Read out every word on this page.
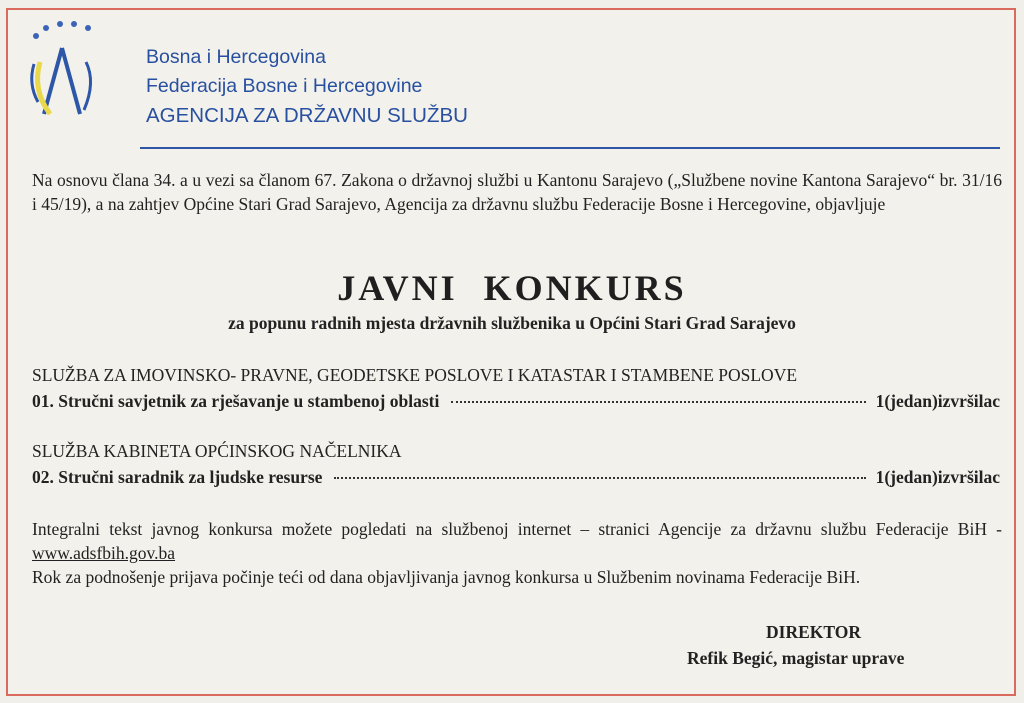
Bosna i Hercegovina
Federacija Bosne i Hercegovine
AGENCIJA ZA DRŽAVNU SLUŽBU
Na osnovu člana 34. a u vezi sa članom 67. Zakona o državnoj službi u Kantonu Sarajevo („Službene novine Kantona Sarajevo“ br. 31/16 i 45/19), a na zahtjev Općine Stari Grad Sarajevo, Agencija za državnu službu Federacije Bosne i Hercegovine, objavljuje
JAVNI KONKURS
za popunu radnih mjesta državnih službenika u Općini Stari Grad Sarajevo
SLUŽBA ZA IMOVINSKO- PRAVNE, GEODETSKE POSLOVE I KATASTAR I STAMBENE POSLOVE
01. Stručni savjetnik za rješavanje u stambenoj oblasti	1(jedan)izvršilac
SLUŽBA KABINETA OPĆINSKOG NAČELNIKA
02. Stručni saradnik za ljudske resurse	1(jedan)izvršilac
Integralni tekst javnog konkursa možete pogledati na službenoj internet – stranici Agencije za državnu službu Federacije BiH - www.adsfbih.gov.ba
Rok za podnošenje prijava počinje teći od dana objavljivanja javnog konkursa u Službenim novinama Federacije BiH.
DIREKTOR
Refik Begić, magistar uprave
